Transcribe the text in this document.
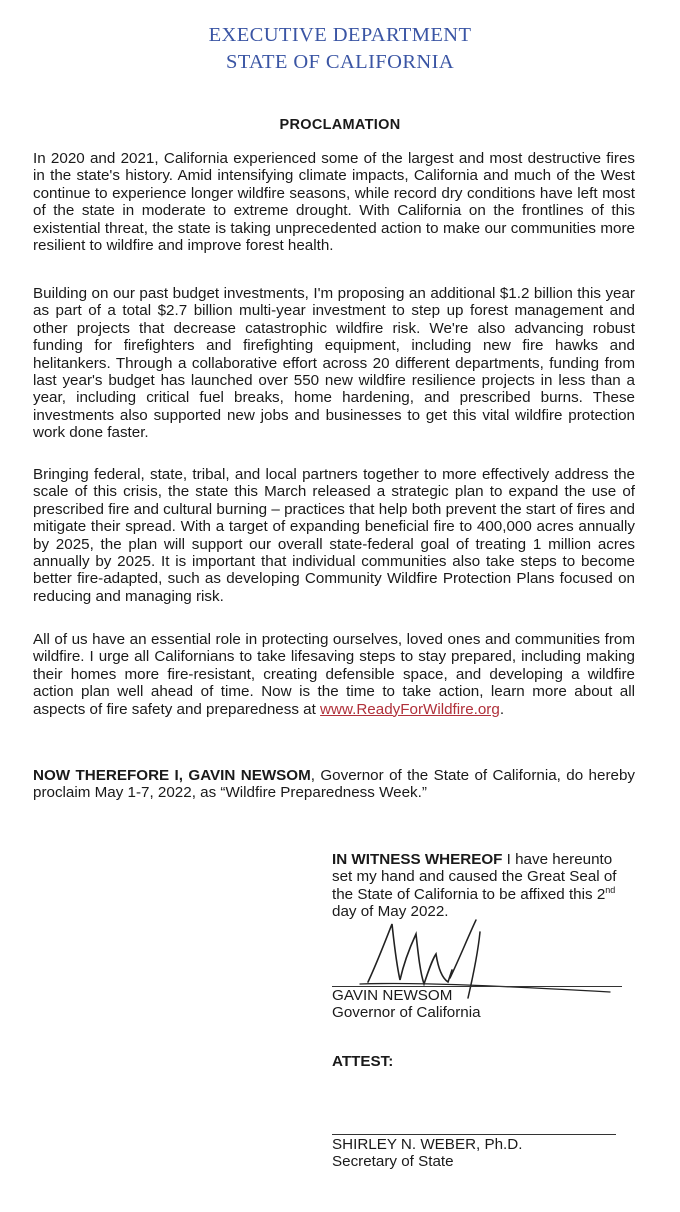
EXECUTIVE DEPARTMENT
STATE OF CALIFORNIA
PROCLAMATION
In 2020 and 2021, California experienced some of the largest and most destructive fires in the state's history. Amid intensifying climate impacts, California and much of the West continue to experience longer wildfire seasons, while record dry conditions have left most of the state in moderate to extreme drought. With California on the frontlines of this existential threat, the state is taking unprecedented action to make our communities more resilient to wildfire and improve forest health.
Building on our past budget investments, I'm proposing an additional $1.2 billion this year as part of a total $2.7 billion multi-year investment to step up forest management and other projects that decrease catastrophic wildfire risk. We're also advancing robust funding for firefighters and firefighting equipment, including new fire hawks and helitankers. Through a collaborative effort across 20 different departments, funding from last year's budget has launched over 550 new wildfire resilience projects in less than a year, including critical fuel breaks, home hardening, and prescribed burns. These investments also supported new jobs and businesses to get this vital wildfire protection work done faster.
Bringing federal, state, tribal, and local partners together to more effectively address the scale of this crisis, the state this March released a strategic plan to expand the use of prescribed fire and cultural burning – practices that help both prevent the start of fires and mitigate their spread. With a target of expanding beneficial fire to 400,000 acres annually by 2025, the plan will support our overall state-federal goal of treating 1 million acres annually by 2025. It is important that individual communities also take steps to become better fire-adapted, such as developing Community Wildfire Protection Plans focused on reducing and managing risk.
All of us have an essential role in protecting ourselves, loved ones and communities from wildfire. I urge all Californians to take lifesaving steps to stay prepared, including making their homes more fire-resistant, creating defensible space, and developing a wildfire action plan well ahead of time. Now is the time to take action, learn more about all aspects of fire safety and preparedness at www.ReadyForWildfire.org.
NOW THEREFORE I, GAVIN NEWSOM, Governor of the State of California, do hereby proclaim May 1-7, 2022, as “Wildfire Preparedness Week.”
IN WITNESS WHEREOF I have hereunto set my hand and caused the Great Seal of the State of California to be affixed this 2nd day of May 2022.
GAVIN NEWSOM
Governor of California
ATTEST:
SHIRLEY N. WEBER, Ph.D.
Secretary of State
